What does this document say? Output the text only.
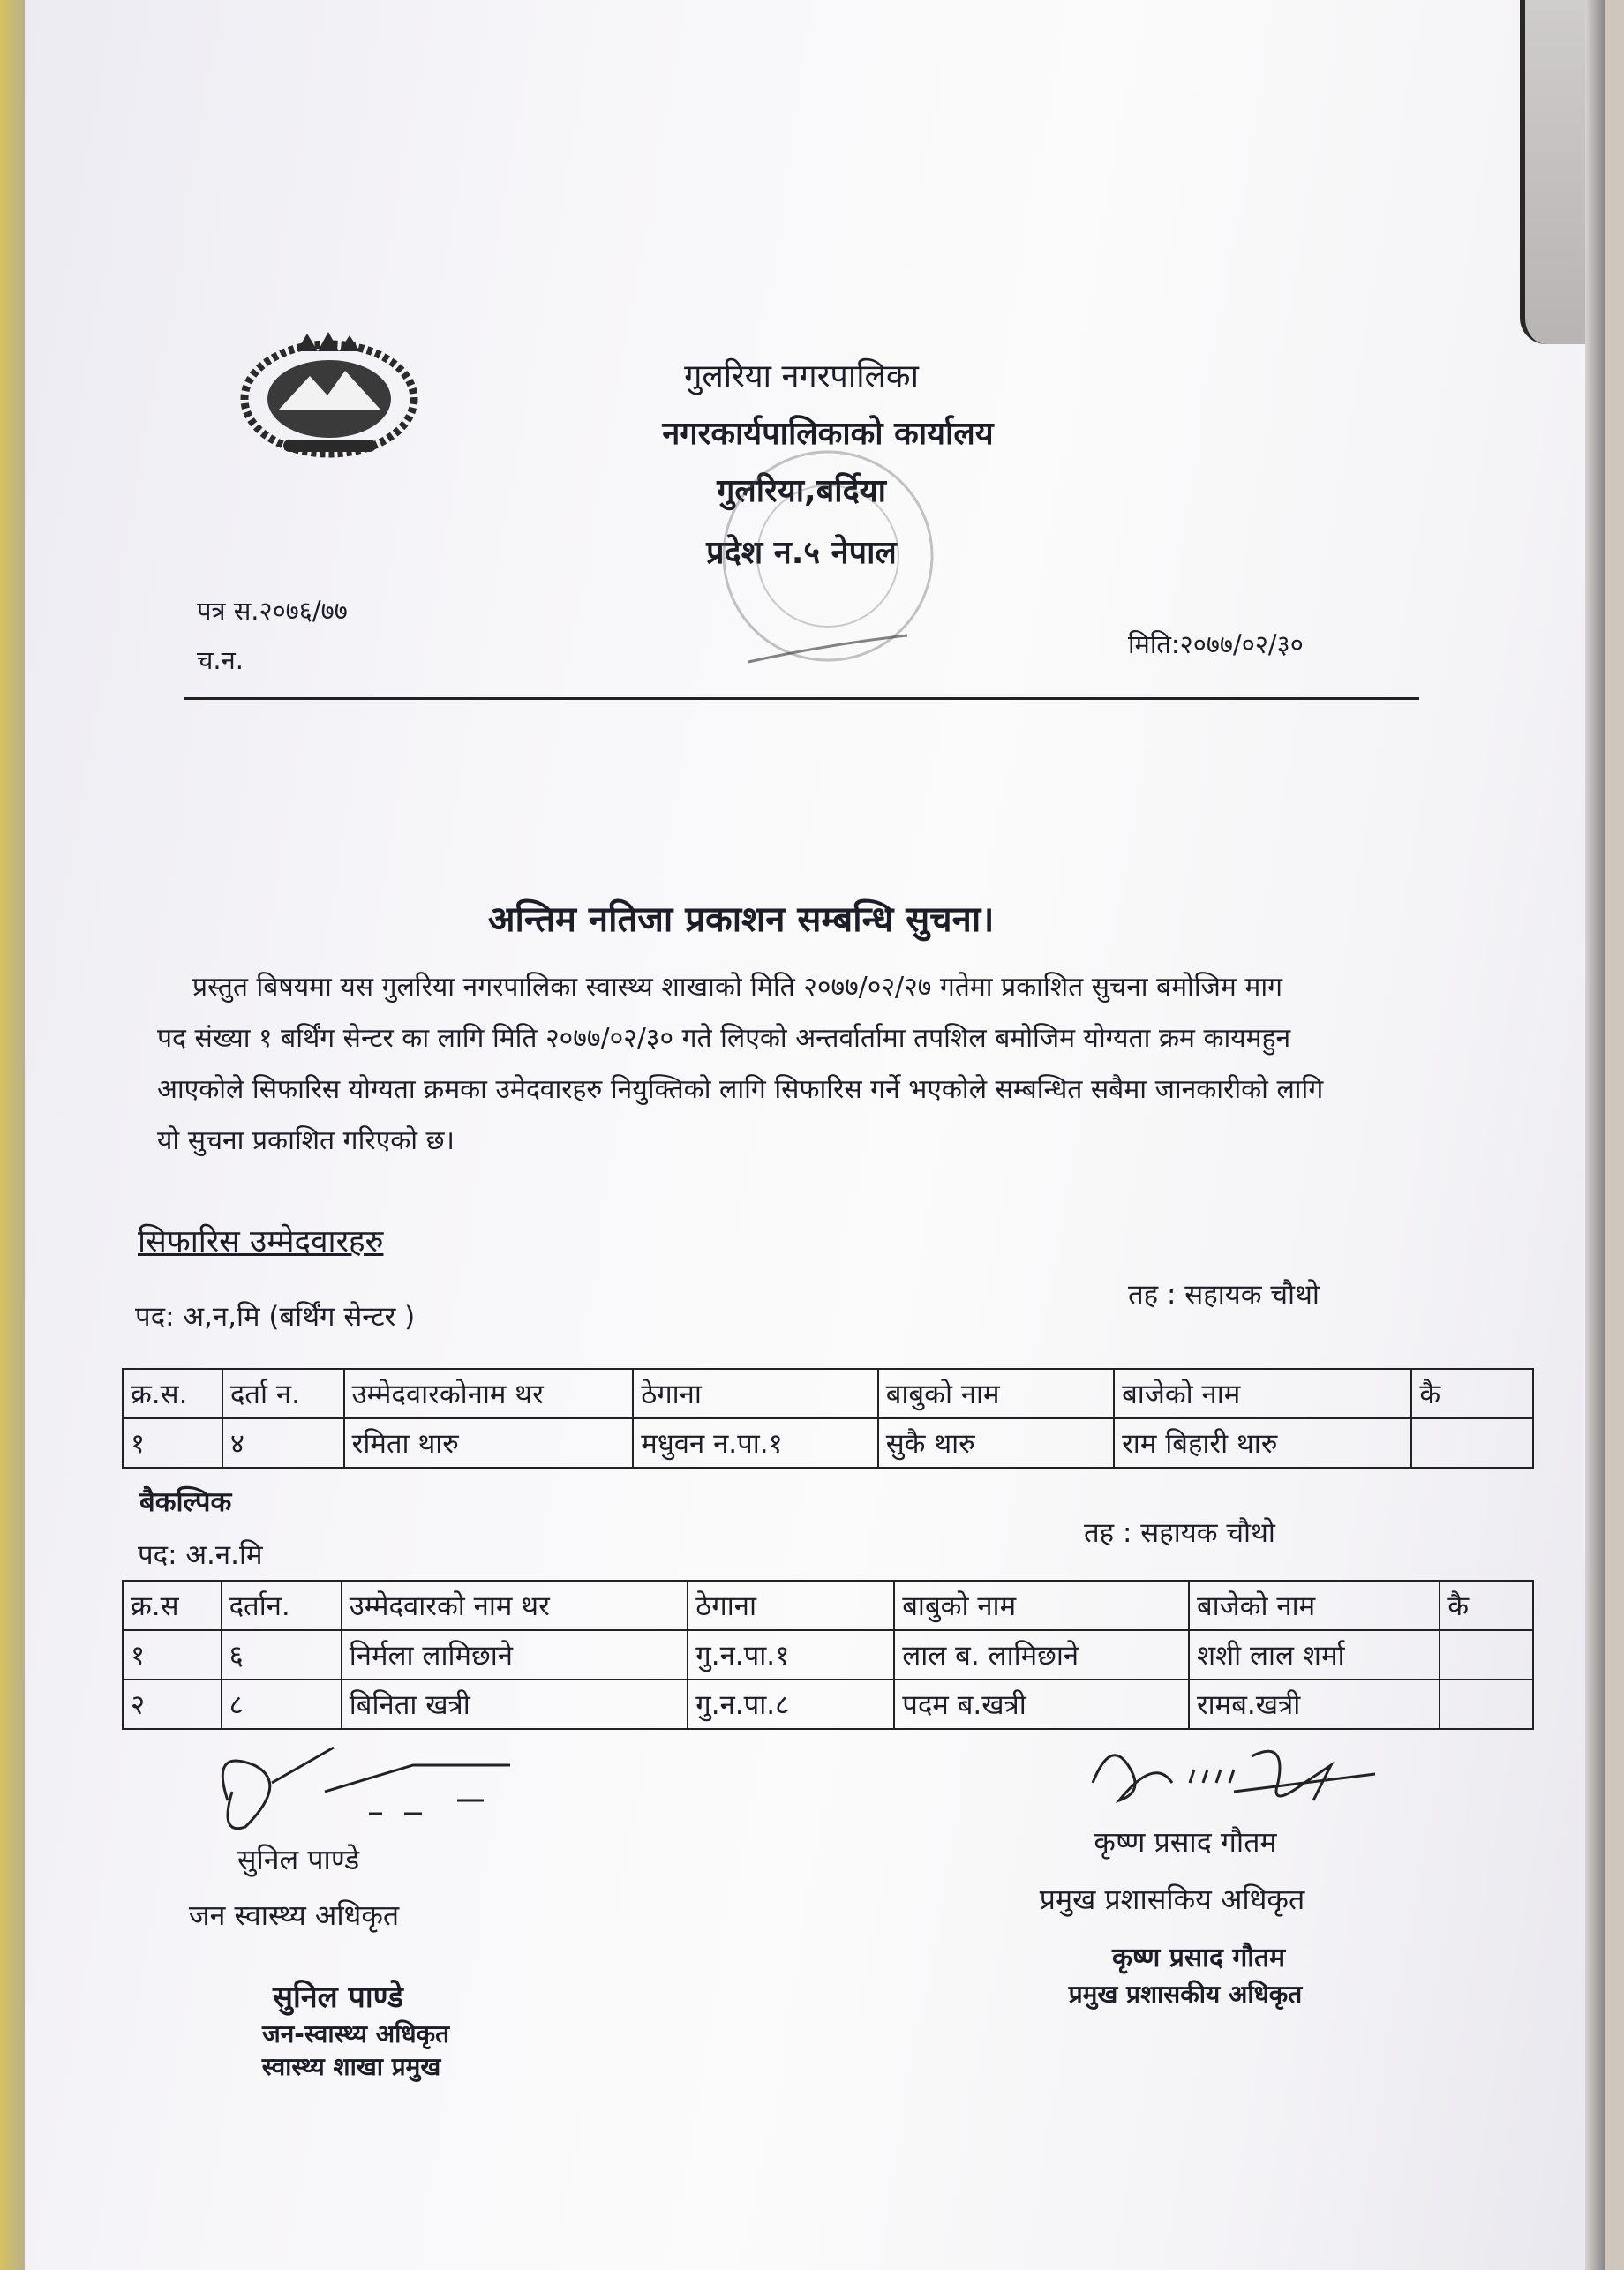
गुलरिया नगरपालिका
नगरकार्यपालिकाको कार्यालय
गुलरिया,बर्दिया
प्रदेश न.५ नेपाल
पत्र स.२०७६/७७
च.न.
मिति:२०७७/०२/३०
अन्तिम नतिजा प्रकाशन सम्बन्धि सुचना।
प्रस्तुत बिषयमा यस गुलरिया नगरपालिका स्वास्थ्य शाखाको मिति २०७७/०२/२७ गतेमा प्रकाशित सुचना बमोजिम माग
पद संख्या १ बर्थिंग सेन्टर का लागि मिति २०७७/०२/३० गते लिएको अन्तर्वार्तामा तपशिल बमोजिम योग्यता क्रम कायमहुन
आएकोले सिफारिस योग्यता क्रमका उमेदवारहरु नियुक्तिको लागि सिफारिस गर्ने भएकोले सम्बन्धित सबैमा जानकारीको लागि
यो सुचना प्रकाशित गरिएको छ।
सिफारिस उम्मेदवारहरु
पद: अ,न,मि (बर्थिंग सेन्टर )
तह : सहायक चौथो
क्र.स.	दर्ता न.	उम्मेदवारकोनाम थर	ठेगाना	बाबुको नाम	बाजेको नाम	कै
१	४	रमिता थारु	मधुवन न.पा.१	सुकै थारु	राम बिहारी थारु	
बैकल्पिक
पद: अ.न.मि
तह : सहायक चौथो
क्र.स	दर्तान.	उम्मेदवारको नाम थर	ठेगाना	बाबुको नाम	बाजेको नाम	कै
१	६	निर्मला लामिछाने	गु.न.पा.१	लाल ब. लामिछाने	शशी लाल शर्मा	
२	८	बिनिता खत्री	गु.न.पा.८	पदम ब.खत्री	रामब.खत्री	
सुनिल पाण्डे
जन स्वास्थ्य अधिकृत
सुनिल पाण्डे
जन-स्वास्थ्य अधिकृत
स्वास्थ्य शाखा प्रमुख
कृष्ण प्रसाद गौतम
प्रमुख प्रशासकिय अधिकृत
कृष्ण प्रसाद गौतम
प्रमुख प्रशासकीय अधिकृत
